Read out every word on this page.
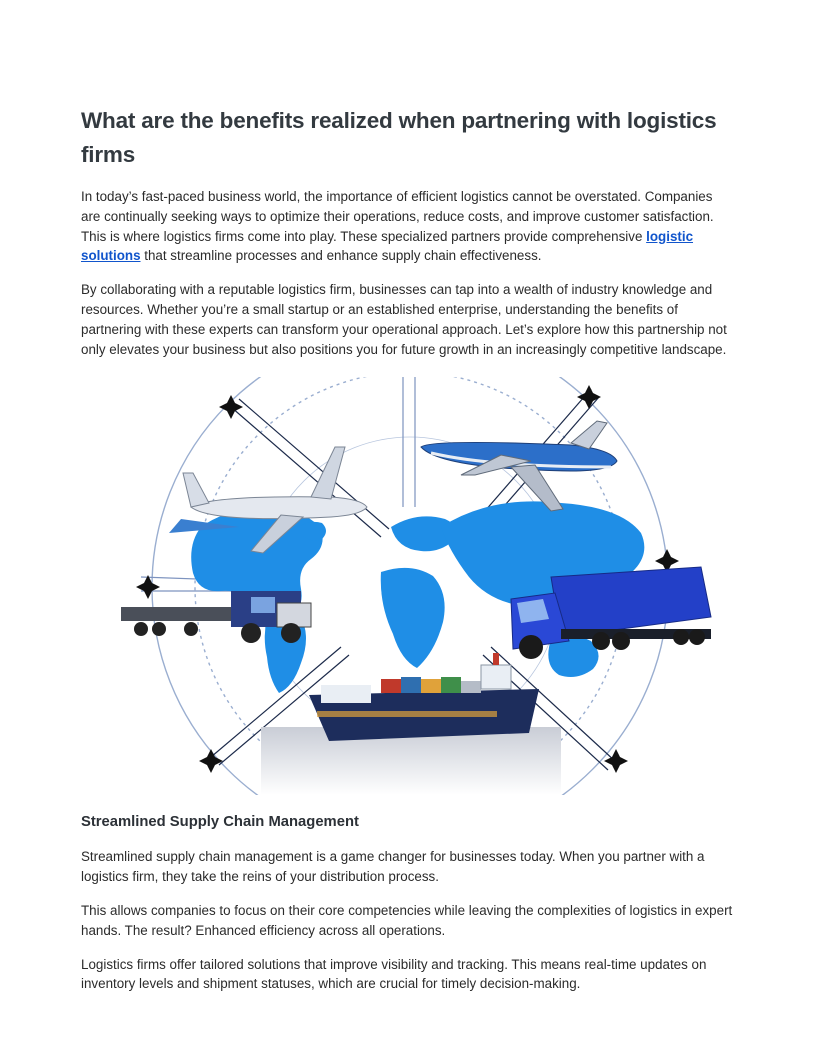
What are the benefits realized when partnering with logistics firms

In today’s fast-paced business world, the importance of efficient logistics cannot be overstated. Companies are continually seeking ways to optimize their operations, reduce costs, and improve customer satisfaction. This is where logistics firms come into play. These specialized partners provide comprehensive logistic solutions that streamline processes and enhance supply chain effectiveness.

By collaborating with a reputable logistics firm, businesses can tap into a wealth of industry knowledge and resources. Whether you’re a small startup or an established enterprise, understanding the benefits of partnering with these experts can transform your operational approach. Let’s explore how this partnership not only elevates your business but also positions you for future growth in an increasingly competitive landscape.

Streamlined Supply Chain Management

Streamlined supply chain management is a game changer for businesses today. When you partner with a logistics firm, they take the reins of your distribution process.

This allows companies to focus on their core competencies while leaving the complexities of logistics in expert hands. The result? Enhanced efficiency across all operations.

Logistics firms offer tailored solutions that improve visibility and tracking. This means real-time updates on inventory levels and shipment statuses, which are crucial for timely decision-making.
